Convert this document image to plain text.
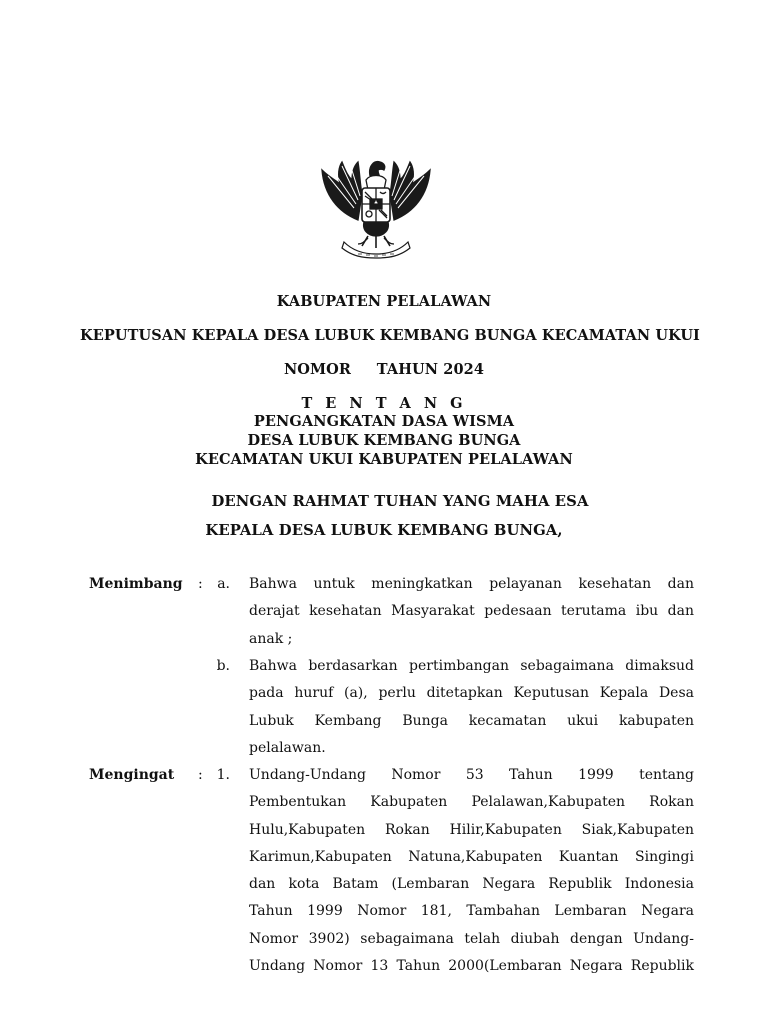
KABUPATEN PELALAWAN
KEPUTUSAN KEPALA DESA LUBUK KEMBANG BUNGA KECAMATAN UKUI
NOMOR     TAHUN 2024
T E N T A N G
PENGANGKATAN DASA WISMA
DESA LUBUK KEMBANG BUNGA
KECAMATAN UKUI KABUPATEN PELALAWAN
DENGAN RAHMAT TUHAN YANG MAHA ESA
KEPALA DESA LUBUK KEMBANG BUNGA,
Menimbang :	a. Bahwa untuk meningkatkan pelayanan kesehatan dan
derajat kesehatan Masyarakat pedesaan terutama ibu dan
anak ;
b. Bahwa berdasarkan pertimbangan sebagaimana dimaksud
pada huruf (a), perlu ditetapkan Keputusan Kepala Desa
Lubuk Kembang Bunga kecamatan ukui kabupaten
pelalawan.
Mengingat : 1. Undang-Undang Nomor 53 Tahun 1999 tentang
Pembentukan Kabupaten Pelalawan,Kabupaten Rokan
Hulu,Kabupaten Rokan Hilir,Kabupaten Siak,Kabupaten
Karimun,Kabupaten Natuna,Kabupaten Kuantan Singingi
dan kota Batam (Lembaran Negara Republik Indonesia
Tahun 1999 Nomor 181, Tambahan Lembaran Negara
Nomor 3902) sebagaimana telah diubah dengan Undang-
Undang Nomor 13 Tahun 2000(Lembaran Negara Republik
